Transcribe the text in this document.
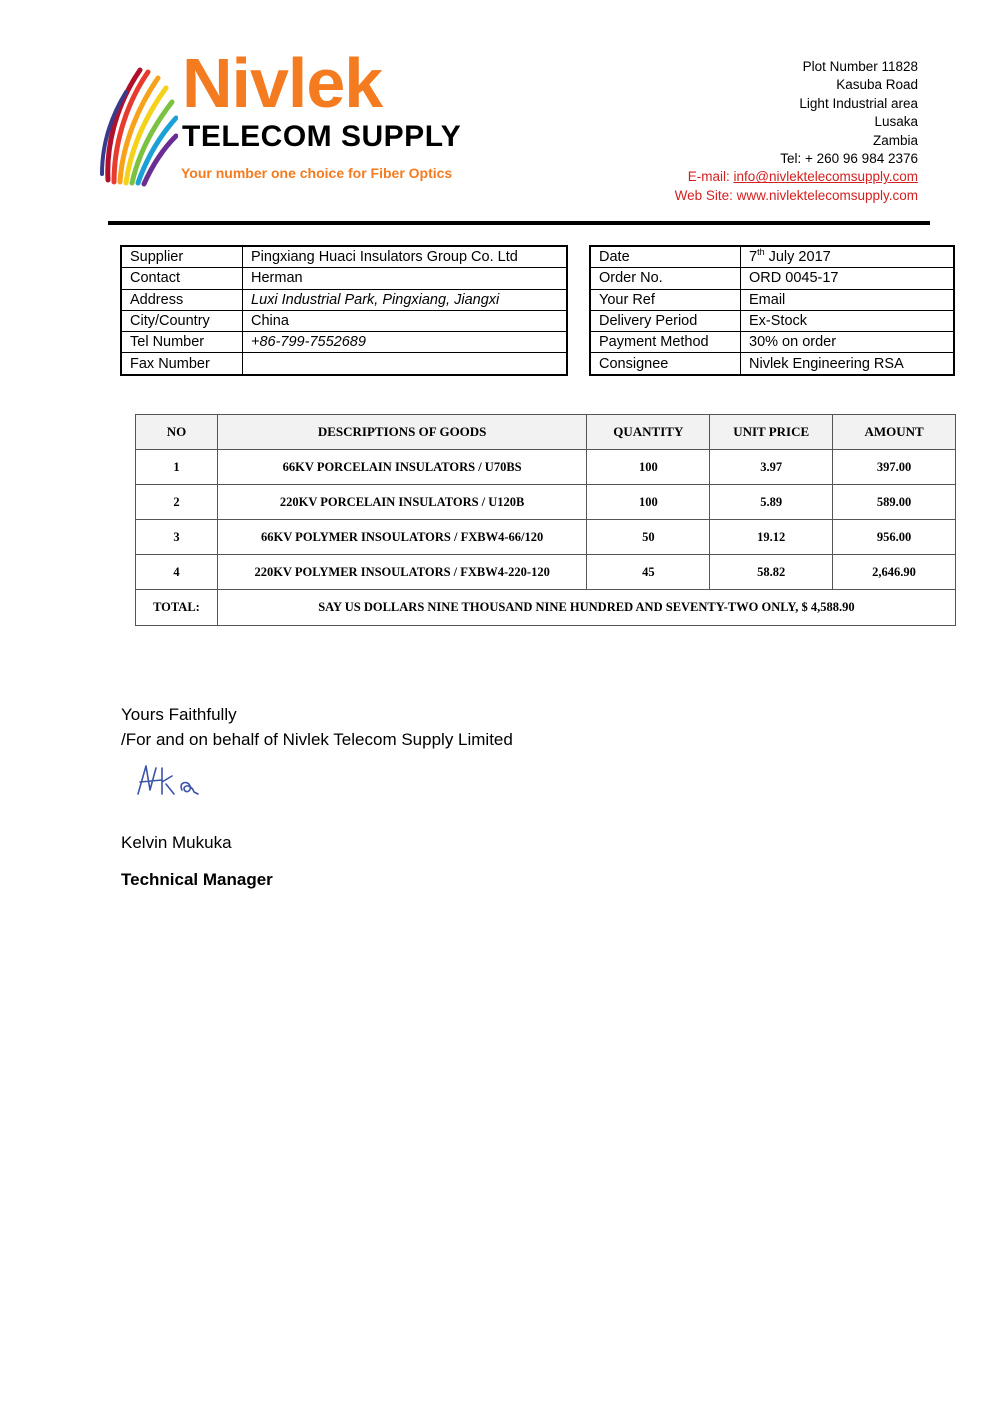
Nivlek
TELECOM SUPPLY
Your number one choice for Fiber Optics
Plot Number 11828
Kasuba Road
Light Industrial area
Lusaka
Zambia
Tel: + 260 96 984 2376
E-mail: info@nivlektelecomsupply.com
Web Site: www.nivlektelecomsupply.com
Supplier	Pingxiang Huaci Insulators Group Co. Ltd
Contact	Herman
Address	Luxi Industrial Park, Pingxiang, Jiangxi
City/Country	China
Tel Number	+86-799-7552689
Fax Number	
Date	7th July 2017
Order No.	ORD 0045-17
Your Ref	Email
Delivery Period	Ex-Stock
Payment Method	30% on order
Consignee	Nivlek Engineering RSA
NO	DESCRIPTIONS OF GOODS	QUANTITY	UNIT PRICE	AMOUNT
1	66KV PORCELAIN INSULATORS / U70BS	100	3.97	397.00
2	220KV PORCELAIN INSULATORS / U120B	100	5.89	589.00
3	66KV POLYMER INSOULATORS / FXBW4-66/120	50	19.12	956.00
4	220KV POLYMER INSOULATORS / FXBW4-220-120	45	58.82	2,646.90
TOTAL:	SAY US DOLLARS NINE THOUSAND NINE HUNDRED AND SEVENTY-TWO ONLY, $ 4,588.90			
Yours Faithfully
/For and on behalf of Nivlek Telecom Supply Limited
Kelvin Mukuka
Technical Manager
